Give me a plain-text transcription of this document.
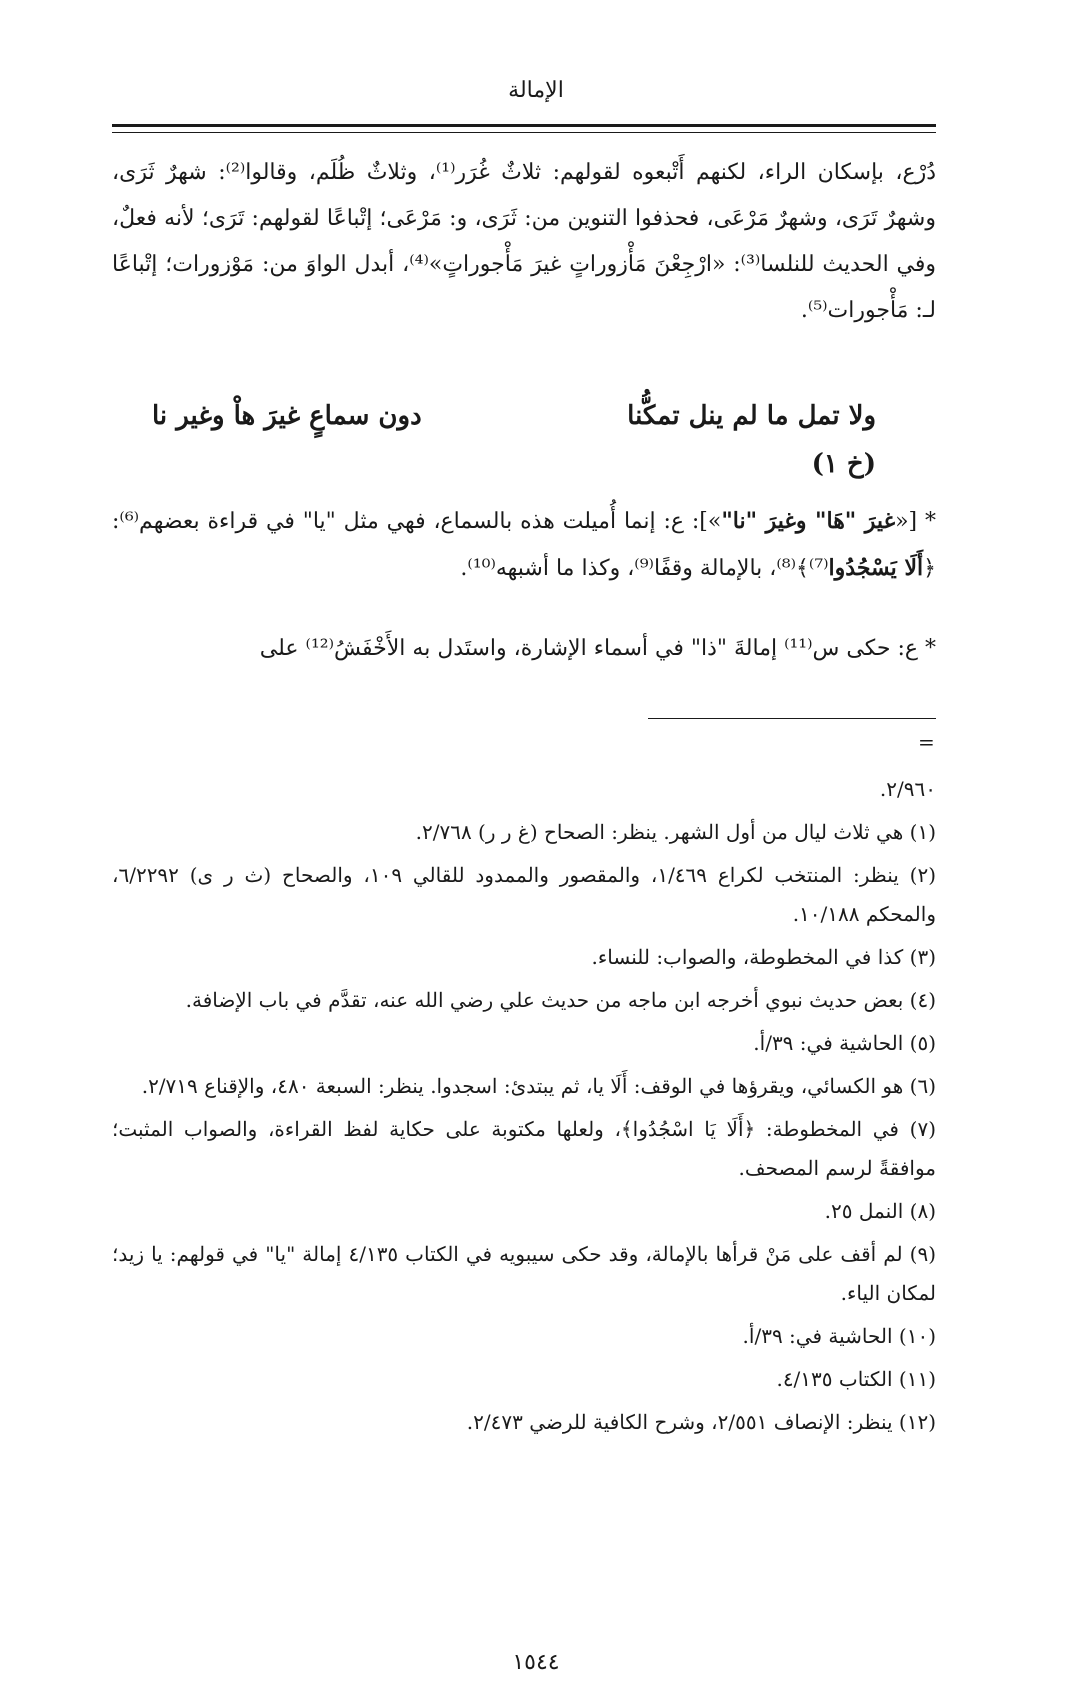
الإمالة

دُرْع، بإسكان الراء، لكنهم أَتْبعوه لقولهم: ثلاثٌ غُرَر⁽¹⁾، وثلاثٌ ظُلَم، وقالوا⁽²⁾: شهرٌ ثَرَى، وشهرٌ تَرَى، وشهرٌ مَرْعَى، فحذفوا التنوين من: ثَرَى، و: مَرْعَى؛ إتْباعًا لقولهم: تَرَى؛ لأنه فعلٌ، وفي الحديث للنلسا⁽³⁾: «ارْجِعْنَ مَأْزوراتٍ غيرَ مَأْجوراتٍ»⁽⁴⁾، أبدل الواوَ من: مَوْزورات؛ إتْباعًا لـ: مَأْجورات⁽⁵⁾.

ولا تمل ما لم ينل تمكُّنا
دون سماعٍ غيرَ هاْ وغير نا
(خ ١)
* [«غيرَ "هَا" وغيرَ "نا"»]: ع: إنما أُميلت هذه بالسماع، فهي مثل "يا" في قراءة بعضهم⁽⁶⁾: ﴿أَلَا يَسْجُدُوا⁽⁷⁾﴾⁽⁸⁾، بالإمالة وقفًا⁽⁹⁾، وكذا ما أشبهه⁽¹⁰⁾.
* ع: حكى س⁽¹¹⁾ إمالةَ "ذا" في أسماء الإشارة، واستَدل به الأَخْفَشُ⁽¹²⁾ على
=

٢/٩٦٠.

(١) هي ثلاث ليال من أول الشهر. ينظر: الصحاح (غ ر ر) ٢/٧٦٨.

(٢) ينظر: المنتخب لكراع ١/٤٦٩، والمقصور والممدود للقالي ١٠٩، والصحاح (ث ر ى) ٦/٢٢٩٢، والمحكم ١٠/١٨٨.

(٣) كذا في المخطوطة، والصواب: للنساء.

(٤) بعض حديث نبوي أخرجه ابن ماجه من حديث علي رضي الله عنه، تقدَّم في باب الإضافة.

(٥) الحاشية في: ٣٩/أ.

(٦) هو الكسائي، ويقرؤها في الوقف: أَلَا يا، ثم يبتدئ: اسجدوا. ينظر: السبعة ٤٨٠، والإقناع ٢/٧١٩.

(٧) في المخطوطة: ﴿أَلَا يَا اسْجُدُوا﴾، ولعلها مكتوبة على حكاية لفظ القراءة، والصواب المثبت؛ موافقةً لرسم المصحف.

(٨) النمل ٢٥.

(٩) لم أقف على مَنْ قرأها بالإمالة، وقد حكى سيبويه في الكتاب ٤/١٣٥ إمالة "يا" في قولهم: يا زيد؛ لمكان الياء.

(١٠) الحاشية في: ٣٩/أ.

(١١) الكتاب ٤/١٣٥.

(١٢) ينظر: الإنصاف ٢/٥٥١، وشرح الكافية للرضي ٢/٤٧٣.

١٥٤٤
